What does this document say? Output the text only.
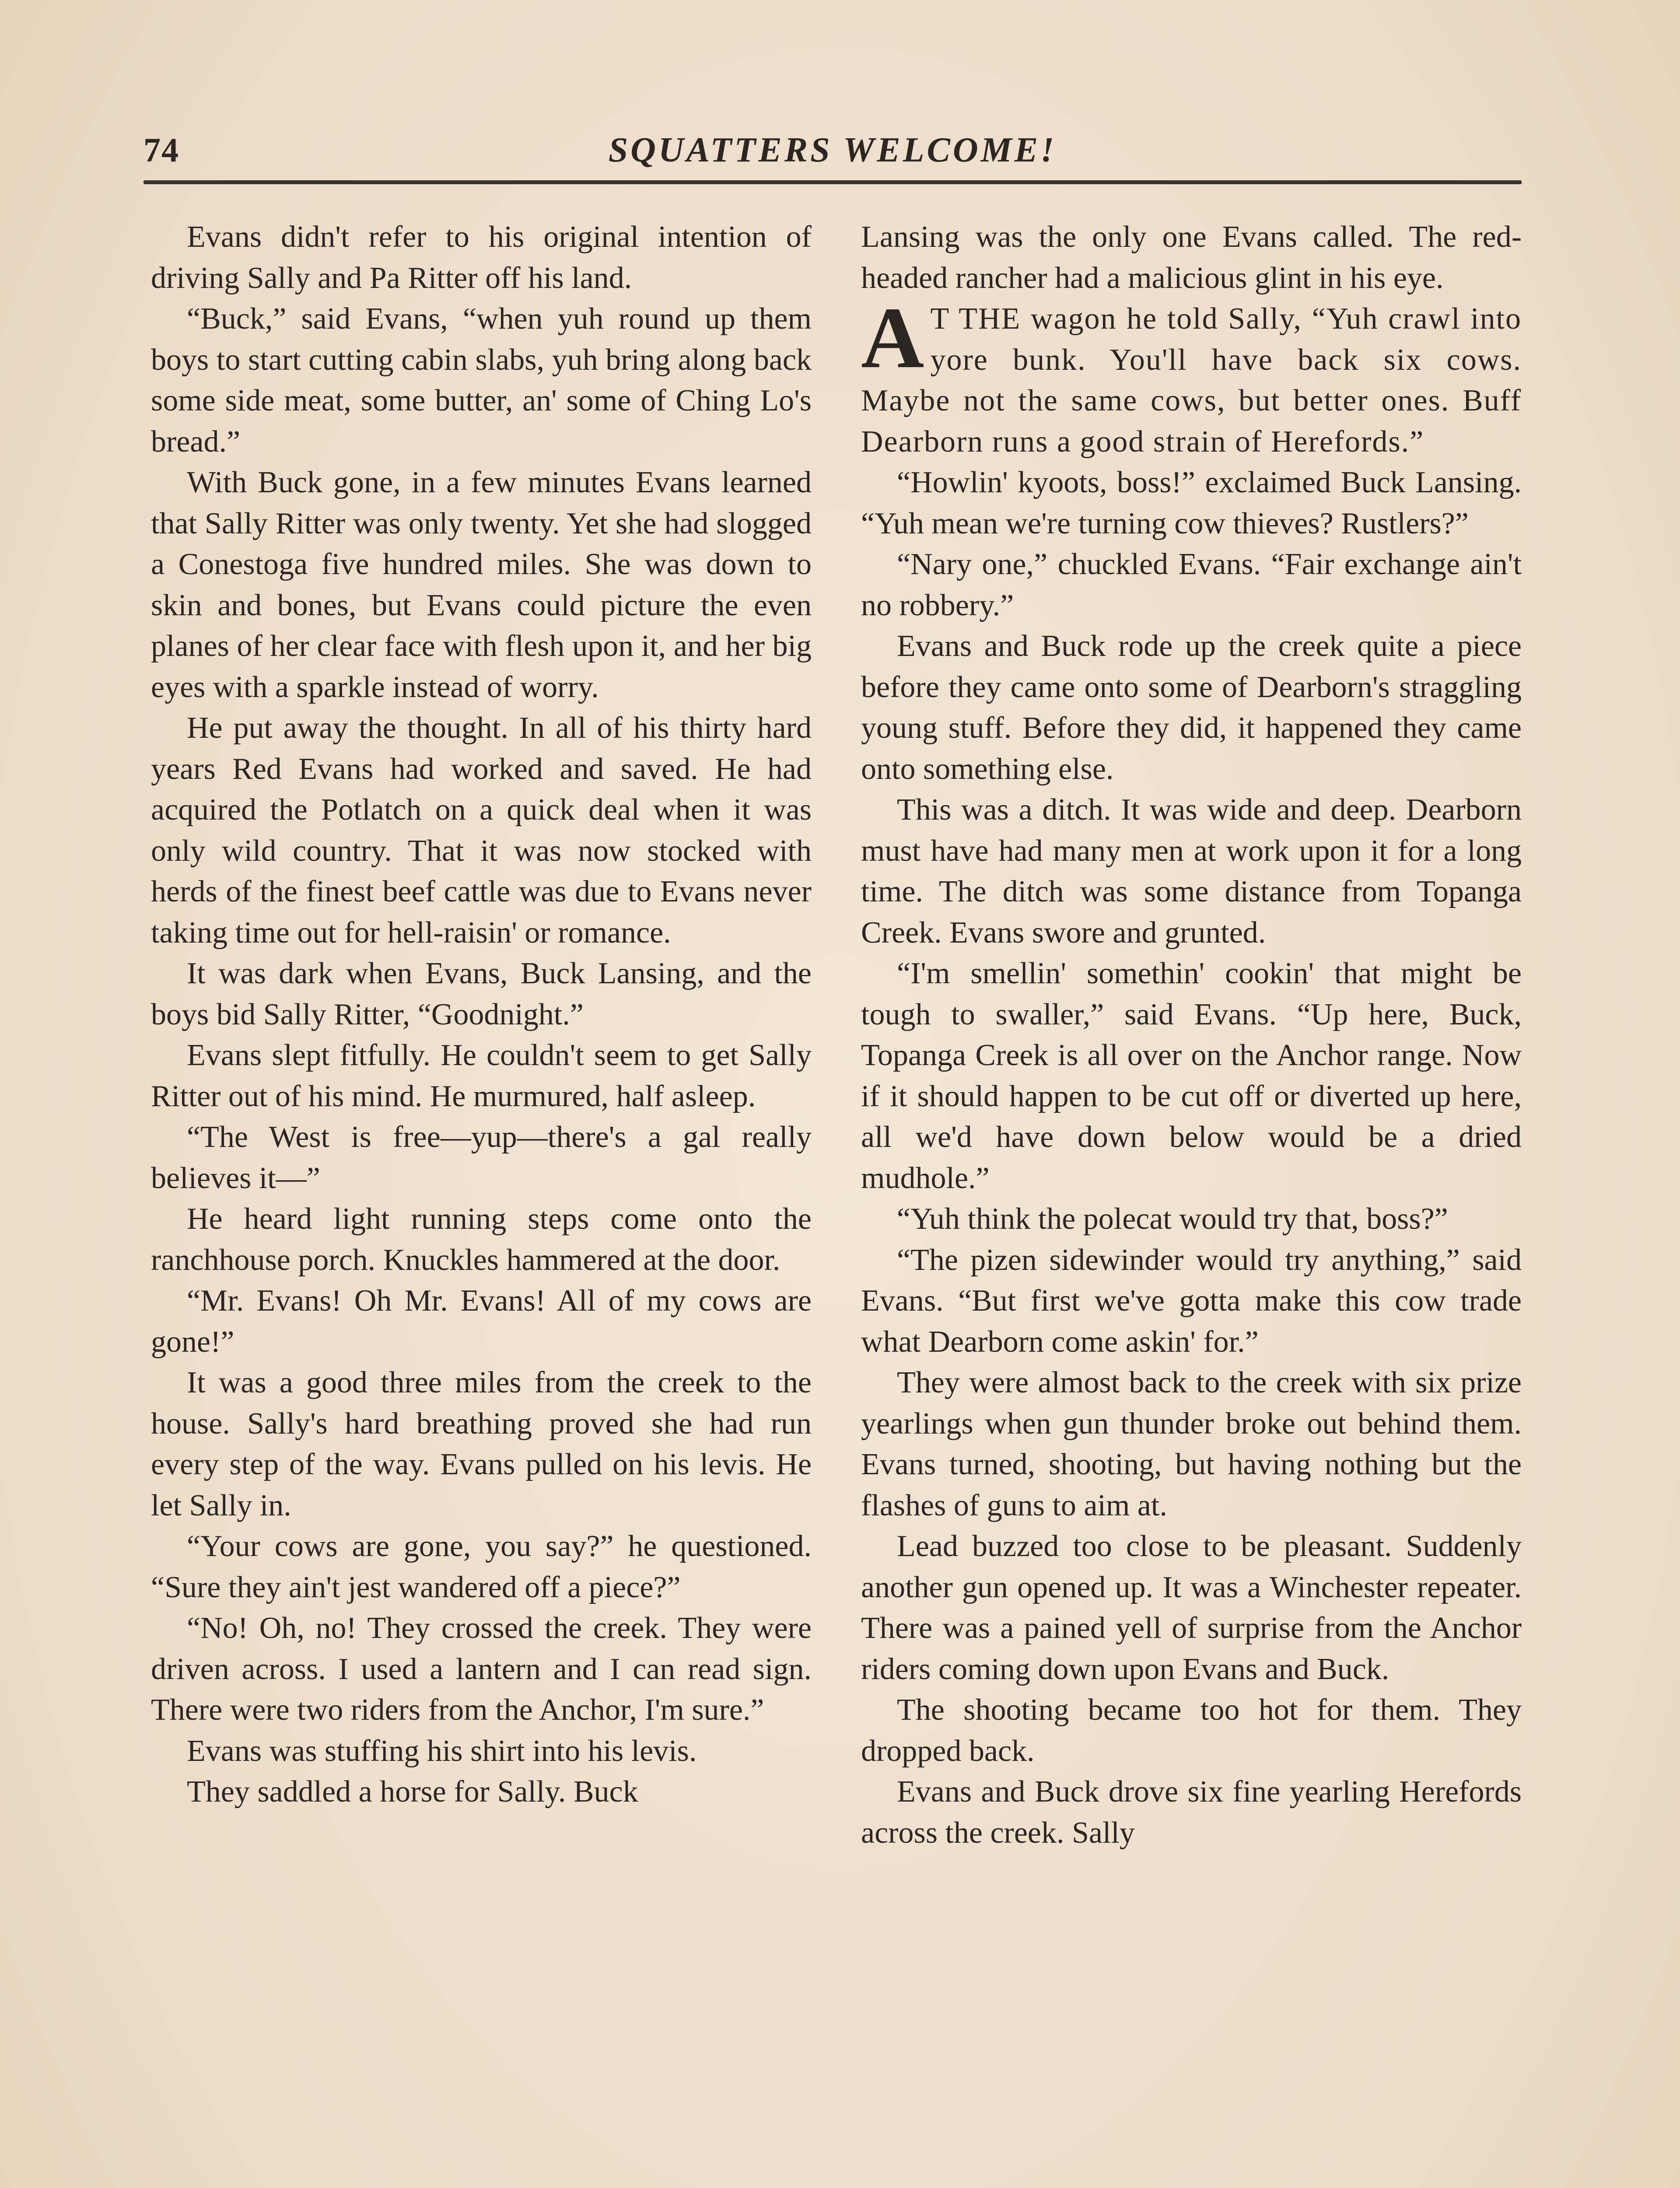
74	SQUATTERS WELCOME!

Evans didn't refer to his original intention of driving Sally and Pa Ritter off his land.

“Buck,” said Evans, “when yuh round up them boys to start cutting cabin slabs, yuh bring along back some side meat, some butter, an' some of Ching Lo's bread.”

With Buck gone, in a few minutes Evans learned that Sally Ritter was only twenty. Yet she had slogged a Conestoga five hundred miles. She was down to skin and bones, but Evans could picture the even planes of her clear face with flesh upon it, and her big eyes with a sparkle instead of worry.

He put away the thought. In all of his thirty hard years Red Evans had worked and saved. He had acquired the Potlatch on a quick deal when it was only wild country. That it was now stocked with herds of the finest beef cattle was due to Evans never taking time out for hell-raisin' or romance.

It was dark when Evans, Buck Lansing, and the boys bid Sally Ritter, “Goodnight.”

Evans slept fitfully. He couldn't seem to get Sally Ritter out of his mind. He murmured, half asleep.

“The West is free—yup—there's a gal really believes it—”

He heard light running steps come onto the ranchhouse porch. Knuckles hammered at the door.

“Mr. Evans! Oh Mr. Evans! All of my cows are gone!”

It was a good three miles from the creek to the house. Sally's hard breathing proved she had run every step of the way. Evans pulled on his levis. He let Sally in.

“Your cows are gone, you say?” he questioned. “Sure they ain't jest wandered off a piece?”

“No! Oh, no! They crossed the creek. They were driven across. I used a lantern and I can read sign. There were two riders from the Anchor, I'm sure.”

Evans was stuffing his shirt into his levis.

They saddled a horse for Sally. Buck

Lansing was the only one Evans called. The red-headed rancher had a malicious glint in his eye.

A T THE wagon he told Sally, “Yuh crawl into yore bunk. You'll have back six cows. Maybe not the same cows, but better ones. Buff Dearborn runs a good strain of Herefords.”

“Howlin' kyoots, boss!” exclaimed Buck Lansing. “Yuh mean we're turning cow thieves? Rustlers?”

“Nary one,” chuckled Evans. “Fair exchange ain't no robbery.”

Evans and Buck rode up the creek quite a piece before they came onto some of Dearborn's straggling young stuff. Before they did, it happened they came onto something else.

This was a ditch. It was wide and deep. Dearborn must have had many men at work upon it for a long time. The ditch was some distance from Topanga Creek. Evans swore and grunted.

“I'm smellin' somethin' cookin' that might be tough to swaller,” said Evans. “Up here, Buck, Topanga Creek is all over on the Anchor range. Now if it should happen to be cut off or diverted up here, all we'd have down below would be a dried mudhole.”

“Yuh think the polecat would try that, boss?”

“The pizen sidewinder would try anything,” said Evans. “But first we've gotta make this cow trade what Dearborn come askin' for.”

They were almost back to the creek with six prize yearlings when gun thunder broke out behind them. Evans turned, shooting, but having nothing but the flashes of guns to aim at.

Lead buzzed too close to be pleasant. Suddenly another gun opened up. It was a Winchester repeater. There was a pained yell of surprise from the Anchor riders coming down upon Evans and Buck.

The shooting became too hot for them. They dropped back.

Evans and Buck drove six fine yearling Herefords across the creek. Sally
